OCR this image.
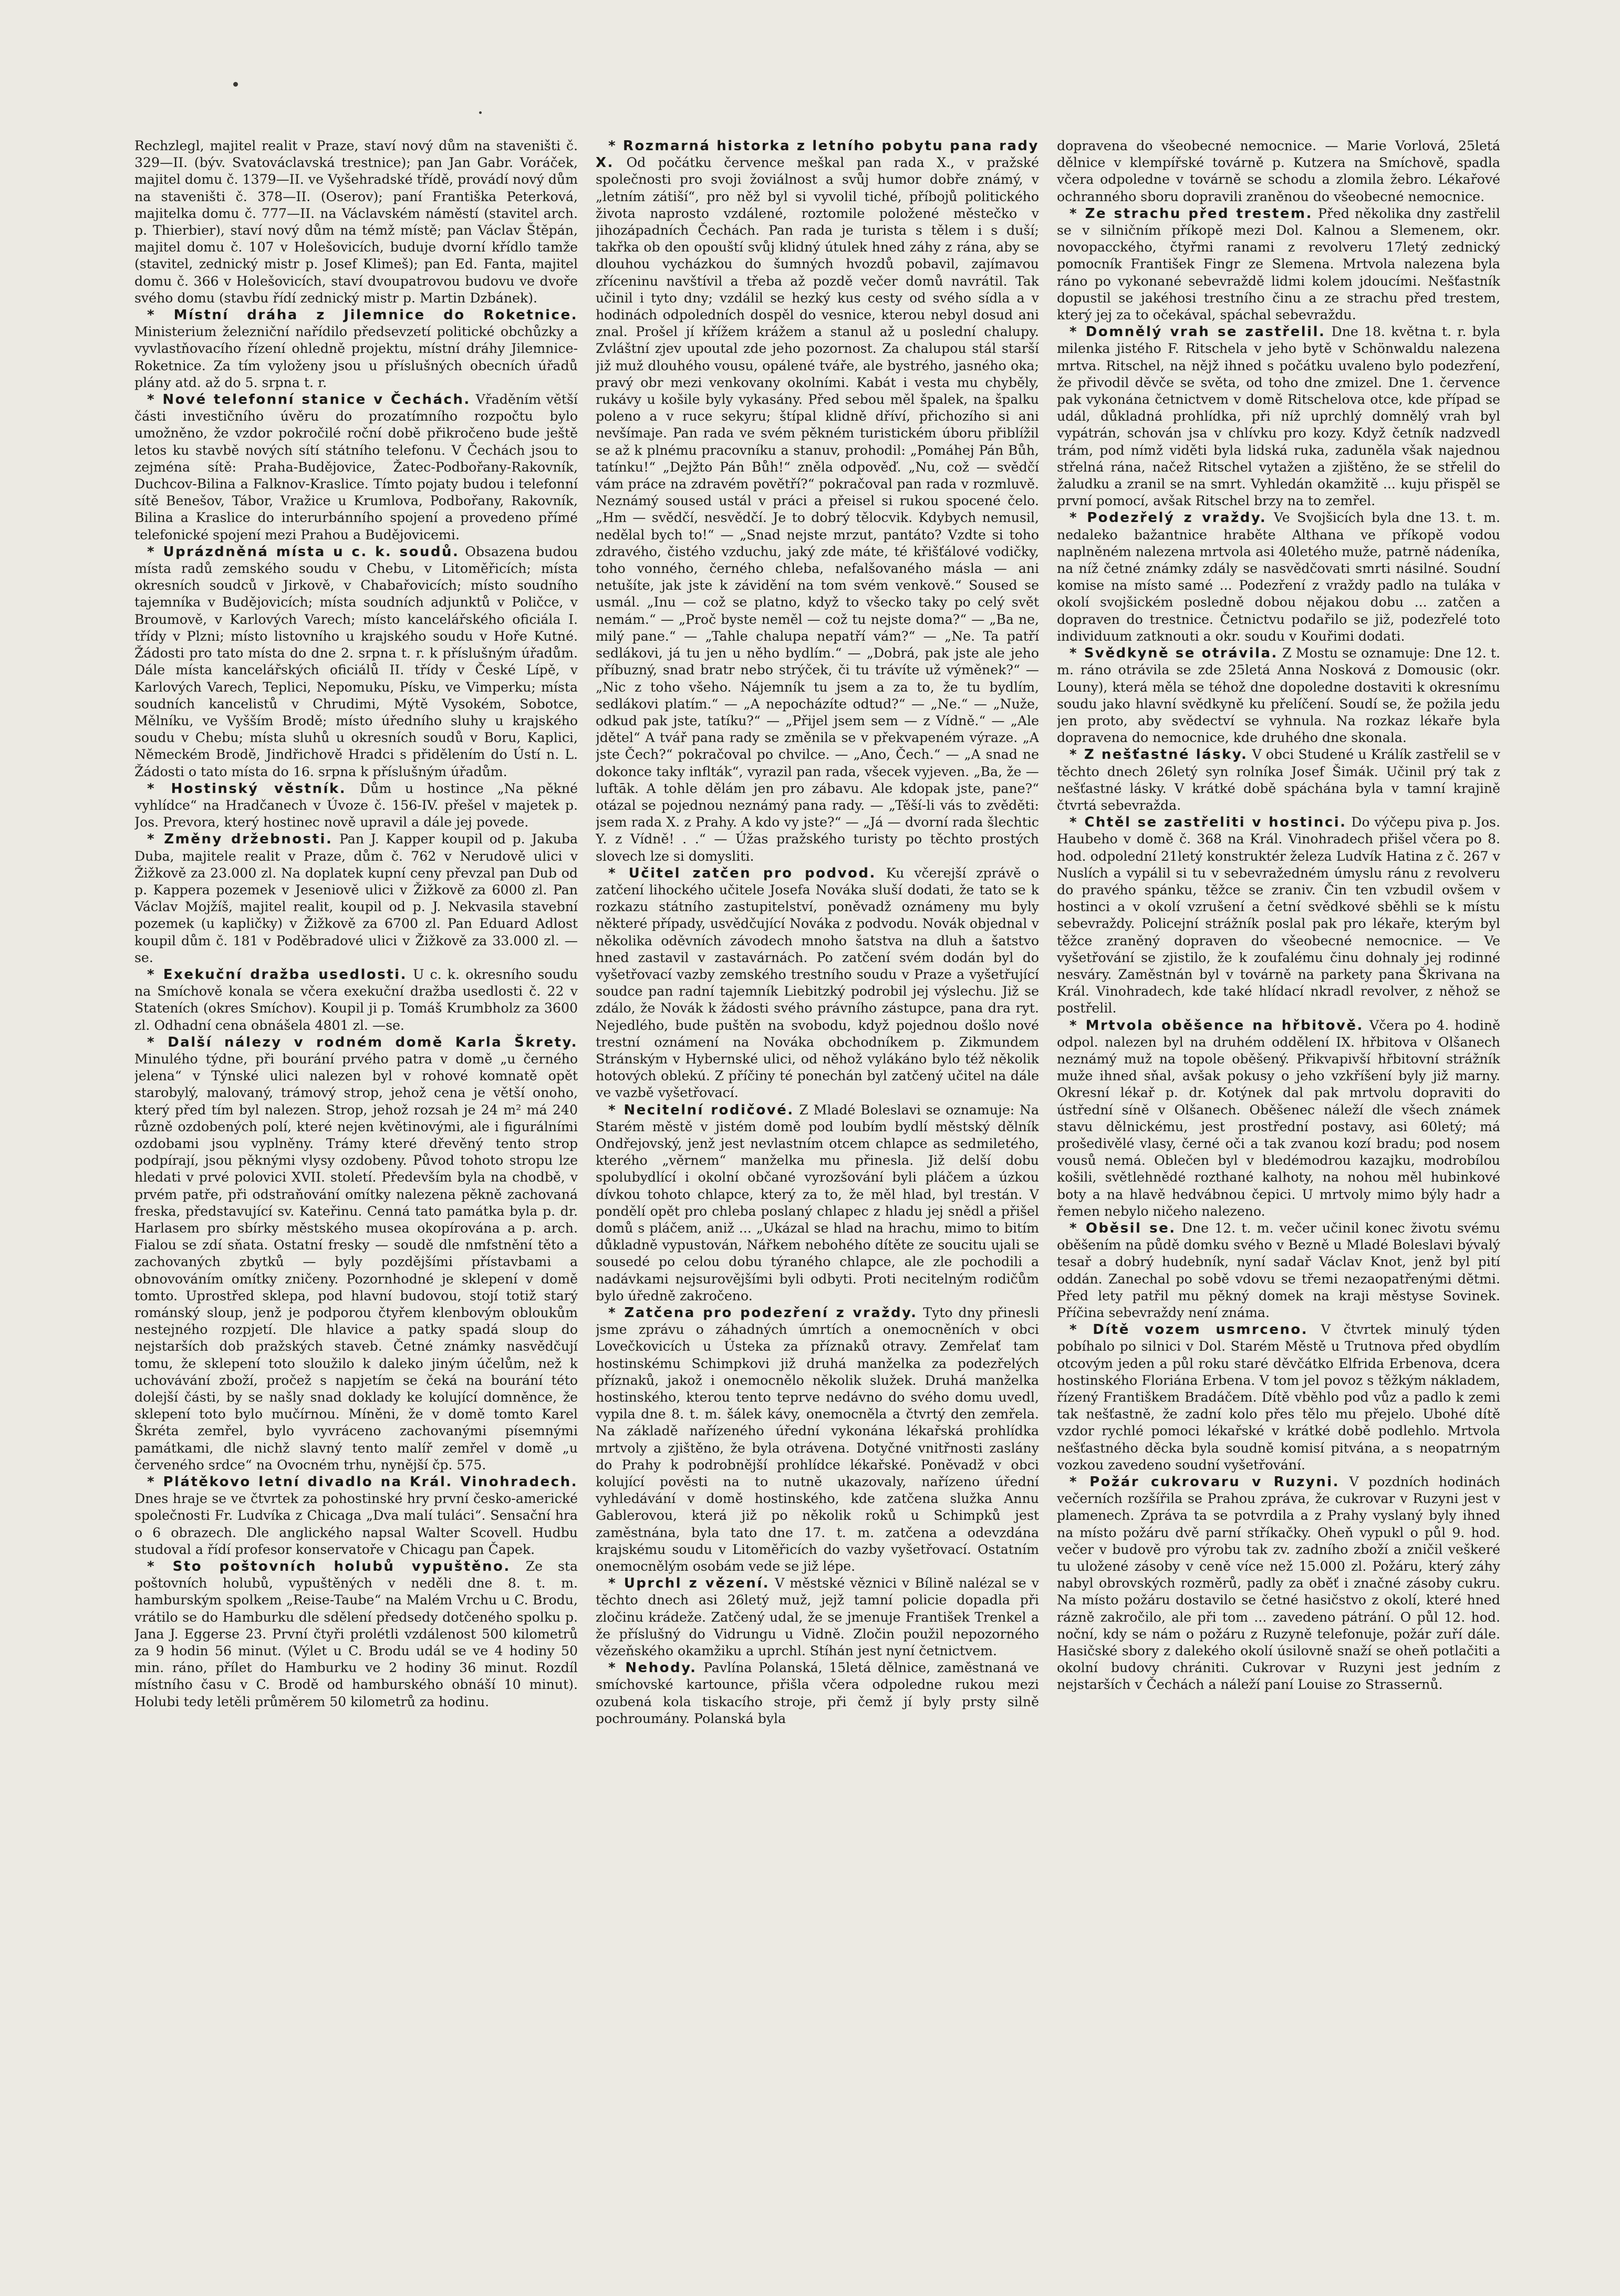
Rechzlegl, majitel realit v Praze, staví nový dům na staveništi č. 329—II. (býv. Svatováclavská trestnice); pan Jan Gabr. Voráček, majitel domu č. 1379—II. ve Vyšehradské třídě, provádí nový dům na staveništi č. 378—II. (Oserov); paní Františka Peterková, majitelka domu č. 777—II. na Václavském náměstí (stavitel arch. p. Thierbier), staví nový dům na témž místě; pan Václav Štěpán, majitel domu č. 107 v Holešovicích, buduje dvorní křídlo tamže (stavitel, zednický mistr p. Josef Klimeš); pan Ed. Fanta, majitel domu č. 366 v Holešovicích, staví dvoupatrovou budovu ve dvoře svého domu (stavbu řídí zednický mistr p. Martin Dzbánek).

* Místní dráha z Jilemnice do Roketnice. Ministerium železniční nařídilo předsevzetí politické obchůzky a vyvlastňovacího řízení ohledně projektu, místní dráhy Jilemnice-Roketnice. Za tím vyloženy jsou u příslušných obecních úřadů plány atd. až do 5. srpna t. r.

* Nové telefonní stanice v Čechách. Vřaděním větší části investičního úvěru do prozatímního rozpočtu bylo umožněno, že vzdor pokročilé roční době přikročeno bude ještě letos ku stavbě nových sítí státního telefonu. V Čechách jsou to zejména sítě: Praha-Budějovice, Žatec-Podbořany-Rakovník, Duchcov-Bilina a Falknov-Kraslice. Tímto pojaty budou i telefonní sítě Benešov, Tábor, Vražice u Krumlova, Podbořany, Rakovník, Bilina a Kraslice do interurbánního spojení a provedeno přímé telefonické spojení mezi Prahou a Budějovicemi.

* Uprázdněná místa u c. k. soudů. Obsazena budou místa radů zemského soudu v Chebu, v Litoměřicích; místa okresních soudců v Jirkově, v Chabařovicích; místo soudního tajemníka v Budějovicích; místa soudních adjunktů v Poličce, v Broumově, v Karlových Varech; místo kancelářského oficiála I. třídy v Plzni; místo listovního u krajského soudu v Hoře Kutné. Žádosti pro tato místa do dne 2. srpna t. r. k příslušným úřadům. Dále místa kancelářských oficiálů II. třídy v České Lípě, v Karlových Varech, Teplici, Nepomuku, Písku, ve Vimperku; místa soudních kancelistů v Chrudimi, Mýtě Vysokém, Sobotce, Mělníku, ve Vyšším Brodě; místo úředního sluhy u krajského soudu v Chebu; místa sluhů u okresních soudů v Boru, Kaplici, Německém Brodě, Jindřichově Hradci s přidělením do Ústí n. L. Žádosti o tato místa do 16. srpna k příslušným úřadům.

* Hostinský věstník. Dům u hostince „Na pěkné vyhlídce“ na Hradčanech v Úvoze č. 156-IV. přešel v majetek p. Jos. Prevora, který hostinec nově upravil a dále jej povede.

* Změny držebnosti. Pan J. Kapper koupil od p. Jakuba Duba, majitele realit v Praze, dům č. 762 v Nerudově ulici v Žižkově za 23.000 zl. Na doplatek kupní ceny převzal pan Dub od p. Kappera pozemek v Jeseniově ulici v Žižkově za 6000 zl. Pan Václav Mojžíš, majitel realit, koupil od p. J. Nekvasila stavební pozemek (u kapličky) v Žižkově za 6700 zl. Pan Eduard Adlost koupil dům č. 181 v Poděbradové ulici v Žižkově za 33.000 zl. —se.

* Exekuční dražba usedlosti. U c. k. okresního soudu na Smíchově konala se včera exekuční dražba usedlosti č. 22 v Stateních (okres Smíchov). Koupil ji p. Tomáš Krumbholz za 3600 zl. Odhadní cena obnášela 4801 zl. —se.

* Další nálezy v rodném domě Karla Škrety. Minulého týdne, při bourání prvého patra v domě „u černého jelena“ v Týnské ulici nalezen byl v rohové komnatě opět starobylý, malovaný, trámový strop, jehož cena je větší onoho, který před tím byl nalezen. Strop, jehož rozsah je 24 m² má 240 různě ozdobených polí, které nejen květinovými, ale i figurálními ozdobami jsou vyplněny. Trámy které dřevěný tento strop podpírají, jsou pěknými vlysy ozdobeny. Původ tohoto stropu lze hledati v prvé polovici XVII. století. Především byla na chodbě, v prvém patře, při odstraňování omítky nalezena pěkně zachovaná freska, představující sv. Kateřinu. Cenná tato památka byla p. dr. Harlasem pro sbírky městského musea okopírována a p. arch. Fialou se zdí sňata. Ostatní fresky — soudě dle nmfstnění těto a zachovaných zbytků — byly pozdějšími přístavbami a obnovováním omítky zničeny. Pozornhodné je sklepení v domě tomto. Uprostřed sklepa, pod hlavní budovou, stojí totiž starý románský sloup, jenž je podporou čtyřem klenbovým obloukům nestejného rozpjetí. Dle hlavice a patky spadá sloup do nejstarších dob pražských staveb. Četné známky nasvědčují tomu, že sklepení toto sloužilo k daleko jiným účelům, než k uchovávání zboží, pročež s napjetím se čeká na bourání této dolejší části, by se našly snad doklady ke kolující domněnce, že sklepení toto bylo mučírnou. Míněni, že v domě tomto Karel Škréta zemřel, bylo vyvráceno zachovanými písemnými památkami, dle nichž slavný tento malíř zemřel v domě „u červeného srdce“ na Ovocném trhu, nynější čp. 575.

* Plátěkovo letní divadlo na Král. Vinohradech. Dnes hraje se ve čtvrtek za pohostinské hry první česko-americké společnosti Fr. Ludvíka z Chicaga „Dva malí tuláci“. Sensační hra o 6 obrazech. Dle anglického napsal Walter Scovell. Hudbu studoval a řídí profesor konservatoře v Chicagu pan Čapek.

* Sto poštovních holubů vypuštěno. Ze sta poštovních holubů, vypuštěných v neděli dne 8. t. m. hamburským spolkem „Reise-Taube“ na Malém Vrchu u C. Brodu, vrátilo se do Hamburku dle sdělení předsedy dotčeného spolku p. Jana J. Eggerse 23. První čtyři prolétli vzdálenost 500 kilometrů za 9 hodin 56 minut. (Výlet u C. Brodu udál se ve 4 hodiny 50 min. ráno, přílet do Hamburku ve 2 hodiny 36 minut. Rozdíl místního času v C. Brodě od hamburského obnáší 10 minut). Holubi tedy letěli průměrem 50 kilometrů za hodinu.

* Rozmarná historka z letního pobytu pana rady X. Od počátku července meškal pan rada X., v pražské společnosti pro svoji žoviálnost a svůj humor dobře známý, v „letním zátiší“, pro něž byl si vyvolil tiché, příbojů politického života naprosto vzdálené, roztomile položené městečko v jihozápadních Čechách. Pan rada je turista s tělem i s duší; takřka ob den opouští svůj klidný útulek hned záhy z rána, aby se dlouhou vycházkou do šumných hvozdů pobavil, zajímavou zříceninu navštívil a třeba až pozdě večer domů navrátil. Tak učinil i tyto dny; vzdálil se hezký kus cesty od svého sídla a v hodinách odpoledních dospěl do vesnice, kterou nebyl dosud ani znal. Prošel jí křížem krážem a stanul až u poslední chalupy. Zvláštní zjev upoutal zde jeho pozornost. Za chalupou stál starší již muž dlouhého vousu, opálené tváře, ale bystrého, jasného oka; pravý obr mezi venkovany okolními. Kabát i vesta mu chyběly, rukávy u košile byly vykasány. Před sebou měl špalek, na špalku poleno a v ruce sekyru; štípal klidně dříví, přichozího si ani nevšímaje. Pan rada ve svém pěkném turistickém úboru přiblížil se až k plnému pracovníku a stanuv, prohodil: „Pomáhej Pán Bůh, tatínku!“ „Dejžto Pán Bůh!“ zněla odpověď. „Nu, což — svědčí vám práce na zdravém povětří?“ pokračoval pan rada v rozmluvě. Neznámý soused ustál v práci a přeisel si rukou spocené čelo. „Hm — svědčí, nesvědčí. Je to dobrý tělocvik. Kdybych nemusil, nedělal bych to!“ — „Snad nejste mrzut, pantáto? Vzdte si toho zdravého, čistého vzduchu, jaký zde máte, té křišťálové vodičky, toho vonného, černého chleba, nefalšovaného másla — ani netušíte, jak jste k závidění na tom svém venkově.“ Soused se usmál. „Inu — což se platno, když to všecko taky po celý svět nemám.“ — „Proč byste neměl — což tu nejste doma?“ — „Ba ne, milý pane.“ — „Tahle chalupa nepatří vám?“ — „Ne. Ta patří sedlákovi, já tu jen u něho bydlím.“ — „Dobrá, pak jste ale jeho příbuzný, snad bratr nebo strýček, či tu trávíte už výměnek?“ — „Nic z toho všeho. Nájemník tu jsem a za to, že tu bydlím, sedlákovi platím.“ — „A nepocházíte odtud?“ — „Ne.“ — „Nuže, odkud pak jste, tatíku?“ — „Přijel jsem sem — z Vídně.“ — „Ale jdětel“ A tvář pana rady se změnila se v překvapeném výraze. „A jste Čech?“ pokračoval po chvilce. — „Ano, Čech.“ — „A snad ne dokonce taky inflták“, vyrazil pan rada, všecek vyjeven. „Ba, že — luftāk. A tohle dělám jen pro zábavu. Ale kdopak jste, pane?“ otázal se pojednou neznámý pana rady. — „Těší-li vás to zvěděti: jsem rada X. z Prahy. A kdo vy jste?“ — „Já — dvorní rada šlechtic Y. z Vídně! . .“ — Úžas pražského turisty po těchto prostých slovech lze si domysliti.

* Učitel zatčen pro podvod. Ku včerejší zprávě o zatčení lihockého učitele Josefa Nováka sluší dodati, že tato se k rozkazu státního zastupitelství, poněvadž oznámeny mu byly některé případy, usvědčující Nováka z podvodu. Novák objednal v několika oděvních závodech mnoho šatstva na dluh a šatstvo hned zastavil v zastavárnách. Po zatčení svém dodán byl do vyšetřovací vazby zemského trestního soudu v Praze a vyšetřující soudce pan radní tajemník Liebitzký podrobil jej výslechu. Již se zdálo, že Novák k žádosti svého právního zástupce, pana dra ryt. Nejedlého, bude puštěn na svobodu, když pojednou došlo nové trestní oznámení na Nováka obchodníkem p. Zikmundem Stránským v Hybernské ulici, od něhož vylákáno bylo též několik hotových oblekú. Z příčiny té ponechán byl zatčený učitel na dále ve vazbě vyšetřovací.

* Necitelní rodičové. Z Mladé Boleslavi se oznamuje: Na Starém městě v jistém domě pod loubím bydlí městský dělník Ondřejovský, jenž jest nevlastním otcem chlapce as sedmiletého, kterého „věrnem“ manželka mu přinesla. Již delší dobu spolubydlící i okolní občané vyrozšování byli pláčem a úzkou dívkou tohoto chlapce, který za to, že měl hlad, byl trestán. V pondělí opět pro chleba poslaný chlapec z hladu jej snědl a přišel domů s pláčem, aniž ... „Ukázal se hlad na hrachu, mimo to bitím důkladně vypustován, Nářkem nebohého dítěte ze soucitu ujali se sousedé po celou dobu týraného chlapce, ale zle pochodili a nadávkami nejsurovějšími byli odbyti. Proti necitelným rodičům bylo úředně zakročeno.

* Zatčena pro podezření z vraždy. Tyto dny přinesli jsme zprávu o záhadných úmrtích a onemocněních v obci Lovečkovicích u Ústeka za příznaků otravy. Zemřelať tam hostinskému Schimpkovi již druhá manželka za podezřelých příznaků, jakož i onemocnělo několik služek. Druhá manželka hostinského, kterou tento teprve nedávno do svého domu uvedl, vypila dne 8. t. m. šálek kávy, onemocněla a čtvrtý den zemřela. Na základě nařízeného úřední vykonána lékařská prohlídka mrtvoly a zjištěno, že byla otrávena. Dotyčné vnitřnosti zaslány do Prahy k podrobnější prohlídce lékařské. Poněvadž v obci kolující pověsti na to nutně ukazovaly, nařízeno úřední vyhledávání v domě hostinského, kde zatčena služka Annu Gablerovou, která již po několik roků u Schimpků jest zaměstnána, byla tato dne 17. t. m. zatčena a odevzdána krajskému soudu v Litoměřicích do vazby vyšetřovací. Ostatním onemocnělým osobám vede se již lépe.

* Uprchl z vězení. V městské věznici v Bílině nalézal se v těchto dnech asi 26letý muž, jejž tamní policie dopadla při zločinu krádeže. Zatčený udal, že se jmenuje František Trenkel a že příslušný do Vidrungu u Vidně. Zločin použil nepozorného vězeňského okamžiku a uprchl. Stíhán jest nyní četnictvem.

* Nehody. Pavlína Polanská, 15letá dělnice, zaměstnaná ve smíchovské kartounce, přišla včera odpoledne rukou mezi ozubená kola tiskacího stroje, při čemž jí byly prsty silně pochroumány. Polanská byla

dopravena do všeobecné nemocnice. — Marie Vorlová, 25letá dělnice v klempířské továrně p. Kutzera na Smíchově, spadla včera odpoledne v továrně se schodu a zlomila žebro. Lékařové ochranného sboru dopravili zraněnou do všeobecné nemocnice.

* Ze strachu před trestem. Před několika dny zastřelil se v silničním příkopě mezi Dol. Kalnou a Slemenem, okr. novopacckého, čtyřmi ranami z revolveru 17letý zednický pomocník František Fingr ze Slemena. Mrtvola nalezena byla ráno po vykonané sebevraždě lidmi kolem jdoucími. Nešťastník dopustil se jakéhosi trestního činu a ze strachu před trestem, který jej za to očekával, spáchal sebevraždu.

* Domnělý vrah se zastřelil. Dne 18. května t. r. byla milenka jistého F. Ritschela v jeho bytě v Schönwaldu nalezena mrtva. Ritschel, na nějž ihned s počátku uvaleno bylo podezření, že přivodil děvče se světa, od toho dne zmizel. Dne 1. července pak vykonána četnictvem v domě Ritschelova otce, kde případ se udál, důkladná prohlídka, při níž uprchlý domnělý vrah byl vypátrán, schován jsa v chlívku pro kozy. Když četník nadzvedl trám, pod nímž viděti byla lidská ruka, zaduněla však najednou střelná rána, načež Ritschel vytažen a zjištěno, že se střelil do žaludku a zranil se na smrt. Vyhledán okamžitě ... kuju přispěl se první pomocí, avšak Ritschel brzy na to zemřel.

* Podezřelý z vraždy. Ve Svojšicích byla dne 13. t. m. nedaleko bažantnice hraběte Althana ve příkopě vodou naplněném nalezena mrtvola asi 40letého muže, patrně nádeníka, na níž četné známky zdály se nasvědčovati smrti násilné. Soudní komise na místo samé ... Podezření z vraždy padlo na tuláka v okolí svojšickém posledně dobou nějakou dobu ... zatčen a dopraven do trestnice. Četnictvu podařilo se již, podezřelé toto individuum zatknouti a okr. soudu v Kouřimi dodati.

* Svědkyně se otrávila. Z Mostu se oznamuje: Dne 12. t. m. ráno otrávila se zde 25letá Anna Nosková z Domousic (okr. Louny), která měla se téhož dne dopoledne dostaviti k okresnímu soudu jako hlavní svědkyně ku přelíčení. Soudí se, že požila jedu jen proto, aby svědectví se vyhnula. Na rozkaz lékaře byla dopravena do nemocnice, kde druhého dne skonala.

* Z nešťastné lásky. V obci Studené u Králík zastřelil se v těchto dnech 26letý syn rolníka Josef Šimák. Učinil prý tak z nešťastné lásky. V krátké době spáchána byla v tamní krajině čtvrtá sebevražda.

* Chtěl se zastřeliti v hostinci. Do výčepu piva p. Jos. Haubeho v domě č. 368 na Král. Vinohradech přišel včera po 8. hod. odpolední 21letý konstruktér železa Ludvík Hatina z č. 267 v Nuslích a vypálil si tu v sebevražedném úmyslu ránu z revolveru do pravého spánku, těžce se zraniv. Čin ten vzbudil ovšem v hostinci a v okolí vzrušení a četní svědkové sběhli se k místu sebevraždy. Policejní strážník poslal pak pro lékaře, kterým byl těžce zraněný dopraven do všeobecné nemocnice. — Ve vyšetřování se zjistilo, že k zoufalému činu dohnaly jej rodinné nesváry. Zaměstnán byl v továrně na parkety pana Škrivana na Král. Vinohradech, kde také hlídací nkradl revolver, z něhož se postřelil.

* Mrtvola oběšence na hřbitově. Včera po 4. hodině odpol. nalezen byl na druhém oddělení IX. hřbitova v Olšanech neznámý muž na topole oběšený. Přikvapivší hřbitovní strážník muže ihned sňal, avšak pokusy o jeho vzkříšení byly již marny. Okresní lékař p. dr. Kotýnek dal pak mrtvolu dopraviti do ústřední síně v Olšanech. Oběšenec náleží dle všech známek stavu dělnickému, jest prostřední postavy, asi 60letý; má prošedivělé vlasy, černé oči a tak zvanou kozí bradu; pod nosem vousů nemá. Oblečen byl v bledémodrou kazajku, modrobílou košili, světlehnědé rozthané kalhoty, na nohou měl hubinkové boty a na hlavě hedvábnou čepici. U mrtvoly mimo býly hadr a řemen nebylo ničeho nalezeno.

* Oběsil se. Dne 12. t. m. večer učinil konec životu svému oběšením na půdě domku svého v Bezně u Mladé Boleslavi bývalý tesař a dobrý hudebník, nyní sadař Václav Knot, jenž byl pití oddán. Zanechal po sobě vdovu se třemi nezaopatřenými dětmi. Před lety patřil mu pěkný domek na kraji městyse Sovinek. Příčina sebevraždy není známa.

* Dítě vozem usmrceno. V čtvrtek minulý týden pobíhalo po silnici v Dol. Starém Městě u Trutnova před obydlím otcovým jeden a půl roku staré děvčátko Elfrida Erbenova, dcera hostinského Floriána Erbena. V tom jel povoz s těžkým nákladem, řízený Františkem Bradáčem. Dítě vběhlo pod vůz a padlo k zemi tak nešťastně, že zadní kolo přes tělo mu přejelo. Ubohé dítě vzdor rychlé pomoci lékařské v krátké době podlehlo. Mrtvola nešťastného děcka byla soudně komisí pitvána, a s neopatrným vozkou zavedeno soudní vyšetřování.

* Požár cukrovaru v Ruzyni. V pozdních hodinách večerních rozšířila se Prahou zpráva, že cukrovar v Ruzyni jest v plamenech. Zpráva ta se potvrdila a z Prahy vyslaný byly ihned na místo požáru dvě parní stříkačky. Oheň vypukl o půl 9. hod. večer v budově pro výrobu tak zv. zadního zboží a zničil veškeré tu uložené zásoby v ceně více než 15.000 zl. Požáru, který záhy nabyl obrovských rozměrů, padly za oběť i značné zásoby cukru. Na místo požáru dostavilo se četné hasičstvo z okolí, které hned rázně zakročilo, ale při tom ... zavedeno pátrání. O půl 12. hod. noční, kdy se nám o požáru z Ruzyně telefonuje, požár zuří dále. Hasičské sbory z dalekého okolí úsilovně snaží se oheň potlačiti a okolní budovy chrániti. Cukrovar v Ruzyni jest jedním z nejstarších v Čechách a náleží paní Louise zo Strassernů.
